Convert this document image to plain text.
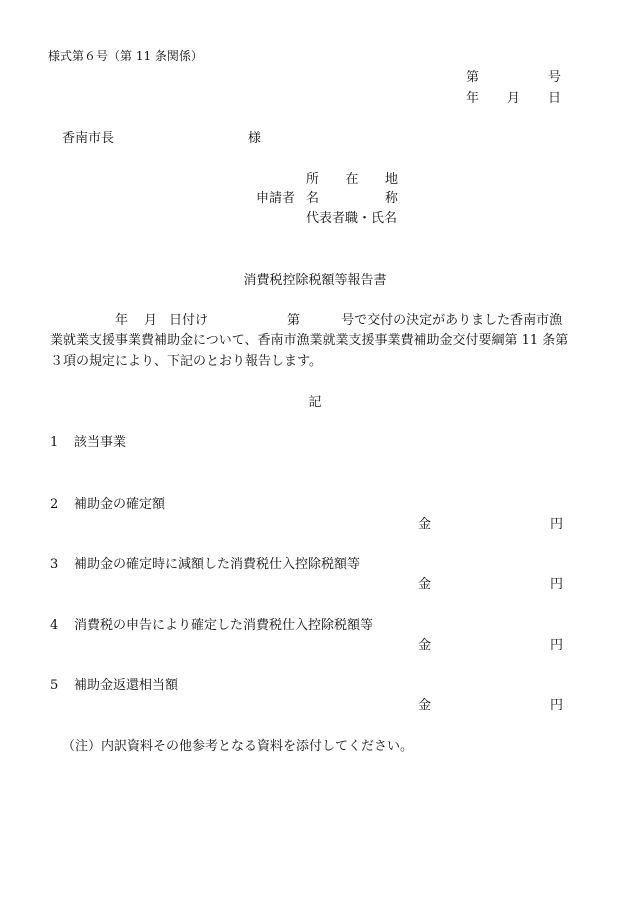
様式第６号（第 11 条関係）
第	号
年 月 日
香南市長	様
申請者
所 在 地
名	称
代表者職・氏名
消費税控除税額等報告書
年 月 日付け	第	号で交付の決定がありました香南市漁
業就業支援事業費補助金について、香南市漁業就業支援事業費補助金交付要綱第 11 条第
３項の規定により、下記のとおり報告します。
記
1 該当事業
2 補助金の確定額
金	円
3 補助金の確定時に減額した消費税仕入控除税額等
金	円
4 消費税の申告により確定した消費税仕入控除税額等
金	円
5 補助金返還相当額
金	円
（注）内訳資料その他参考となる資料を添付してください。
